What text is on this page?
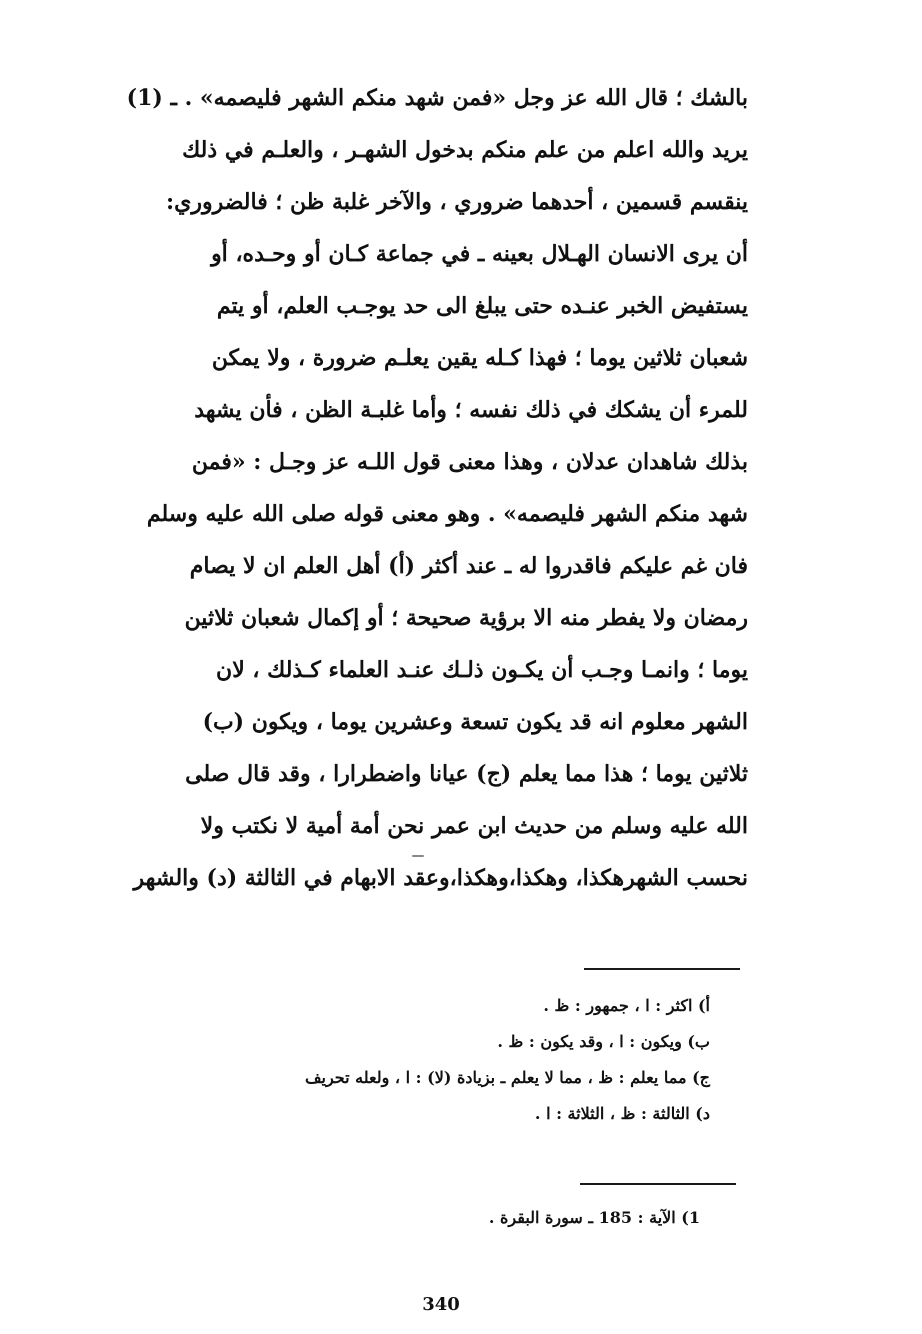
بالشك ؛ قال الله عز وجل «فمن شهد منكم الشهر فليصمه» . ـ (1)
يريد والله اعلم من علم منكم بدخول الشهـر ، والعلـم في ذلك
ينقسم قسمين ، أحدهما ضروري ، والآخر غلبة ظن ؛ فالضروري:
أن يرى الانسان الهـلال بعينه ـ في جماعة كـان أو وحـده، أو
يستفيض الخبر عنـده حتى يبلغ الى حد يوجـب العلم، أو يتم
شعبان ثلاثين يوما ؛ فهذا كـله يقين يعلـم ضرورة ، ولا يمكن
للمرء أن يشكك في ذلك نفسه ؛ وأما غلبـة الظن ، فأن يشهد
بذلك شاهدان عدلان ، وهذا معنى قول اللـه عز وجـل : «فمن
شهد منكم الشهر فليصمه» . وهو معنى قوله صلى الله عليه وسلم
فان غم عليكم فاقدروا له ـ عند أكثر (أ) أهل العلم ان لا يصام
رمضان ولا يفطر منه الا برؤية صحيحة ؛ أو إكمال شعبان ثلاثين
يوما ؛ وانمـا وجـب أن يكـون ذلـك عنـد العلماء كـذلك ، لان
الشهر معلوم انه قد يكون تسعة وعشرين يوما ، ويكون (ب)
ثلاثين يوما ؛ هذا مما يعلم (ج) عيانا واضطرارا ، وقد قال صلى
الله عليه وسلم من حديث ابن عمر نحن أمة أمية لا نكتب ولا
نحسب الشهرهكذا، وهكذا،وهكذا،وعقد الابهام في الثالثة (د) والشهر
أ) اكثر : ا ، جمهور : ظ .
ب) ويكون : ا ، وقد يكون : ظ .
ج) مما يعلم : ظ ، مما لا يعلم ـ بزيادة (لا) : ا ، ولعله تحريف
د) الثالثة : ظ ، الثلاثة : ا .
1) الآية : 185 ـ سورة البقرة .
340
